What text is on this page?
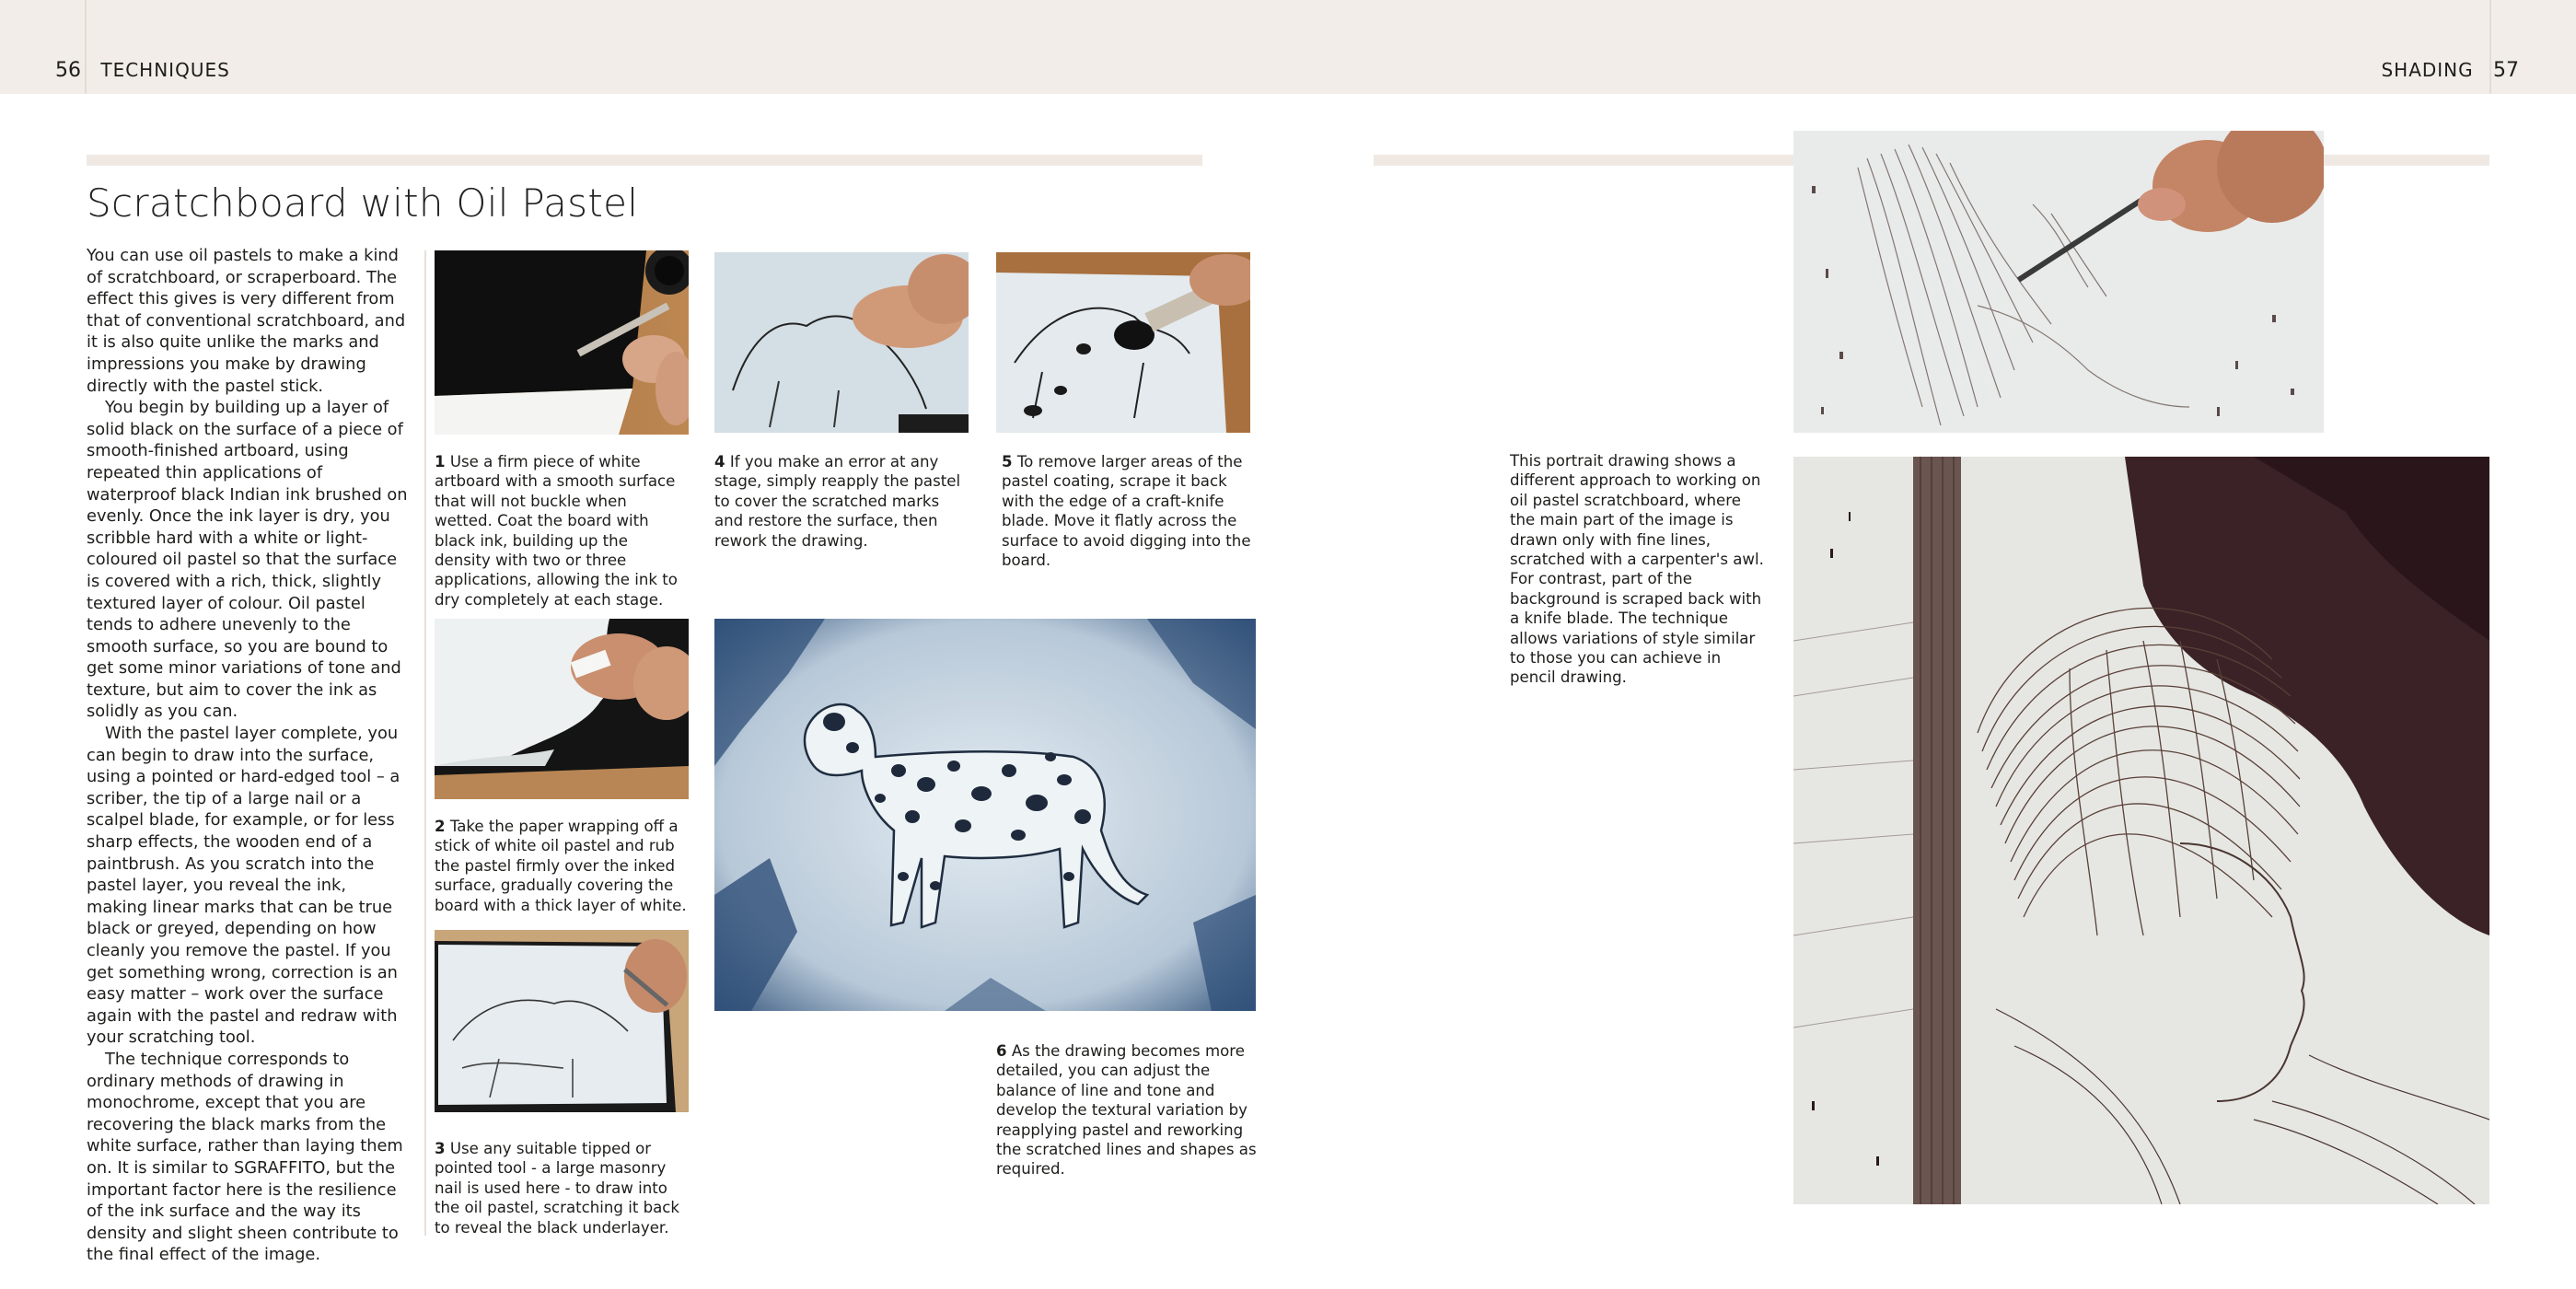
56 TECHNIQUES	SHADING 57
Scratchboard with Oil Pastel

You can use oil pastels to make a kind of scratchboard, or scraperboard. The effect this gives is very different from that of conventional scratchboard, and it is also quite unlike the marks and impressions you make by drawing directly with the pastel stick.

You begin by building up a layer of solid black on the surface of a piece of smooth-finished artboard, using repeated thin applications of waterproof black Indian ink brushed on evenly. Once the ink layer is dry, you scribble hard with a white or light-coloured oil pastel so that the surface is covered with a rich, thick, slightly textured layer of colour. Oil pastel tends to adhere unevenly to the smooth surface, so you are bound to get some minor variations of tone and texture, but aim to cover the ink as solidly as you can.

With the pastel layer complete, you can begin to draw into the surface, using a pointed or hard-edged tool – a scriber, the tip of a large nail or a scalpel blade, for example, or for less sharp effects, the wooden end of a paintbrush. As you scratch into the pastel layer, you reveal the ink, making linear marks that can be true black or greyed, depending on how cleanly you remove the pastel. If you get something wrong, correction is an easy matter – work over the surface again with the pastel and redraw with your scratching tool.

The technique corresponds to ordinary methods of drawing in monochrome, except that you are recovering the black marks from the white surface, rather than laying them on. It is similar to SGRAFFITO, but the important factor here is the resilience of the ink surface and the way its density and slight sheen contribute to the final effect of the image.

1 Use a firm piece of white artboard with a smooth surface that will not buckle when wetted. Coat the board with black ink, building up the density with two or three applications, allowing the ink to dry completely at each stage.
4 If you make an error at any stage, simply reapply the pastel to cover the scratched marks and restore the surface, then rework the drawing.
5 To remove larger areas of the pastel coating, scrape it back with the edge of a craft-knife blade. Move it flatly across the surface to avoid digging into the board.
2 Take the paper wrapping off a stick of white oil pastel and rub the pastel firmly over the inked surface, gradually covering the board with a thick layer of white.
3 Use any suitable tipped or pointed tool - a large masonry nail is used here - to draw into the oil pastel, scratching it back to reveal the black underlayer.
6 As the drawing becomes more detailed, you can adjust the balance of line and tone and develop the textural variation by reapplying pastel and reworking the scratched lines and shapes as required.
This portrait drawing shows a different approach to working on oil pastel scratchboard, where the main part of the image is drawn only with fine lines, scratched with a carpenter's awl. For contrast, part of the background is scraped back with a knife blade. The technique allows variations of style similar to those you can achieve in pencil drawing.
